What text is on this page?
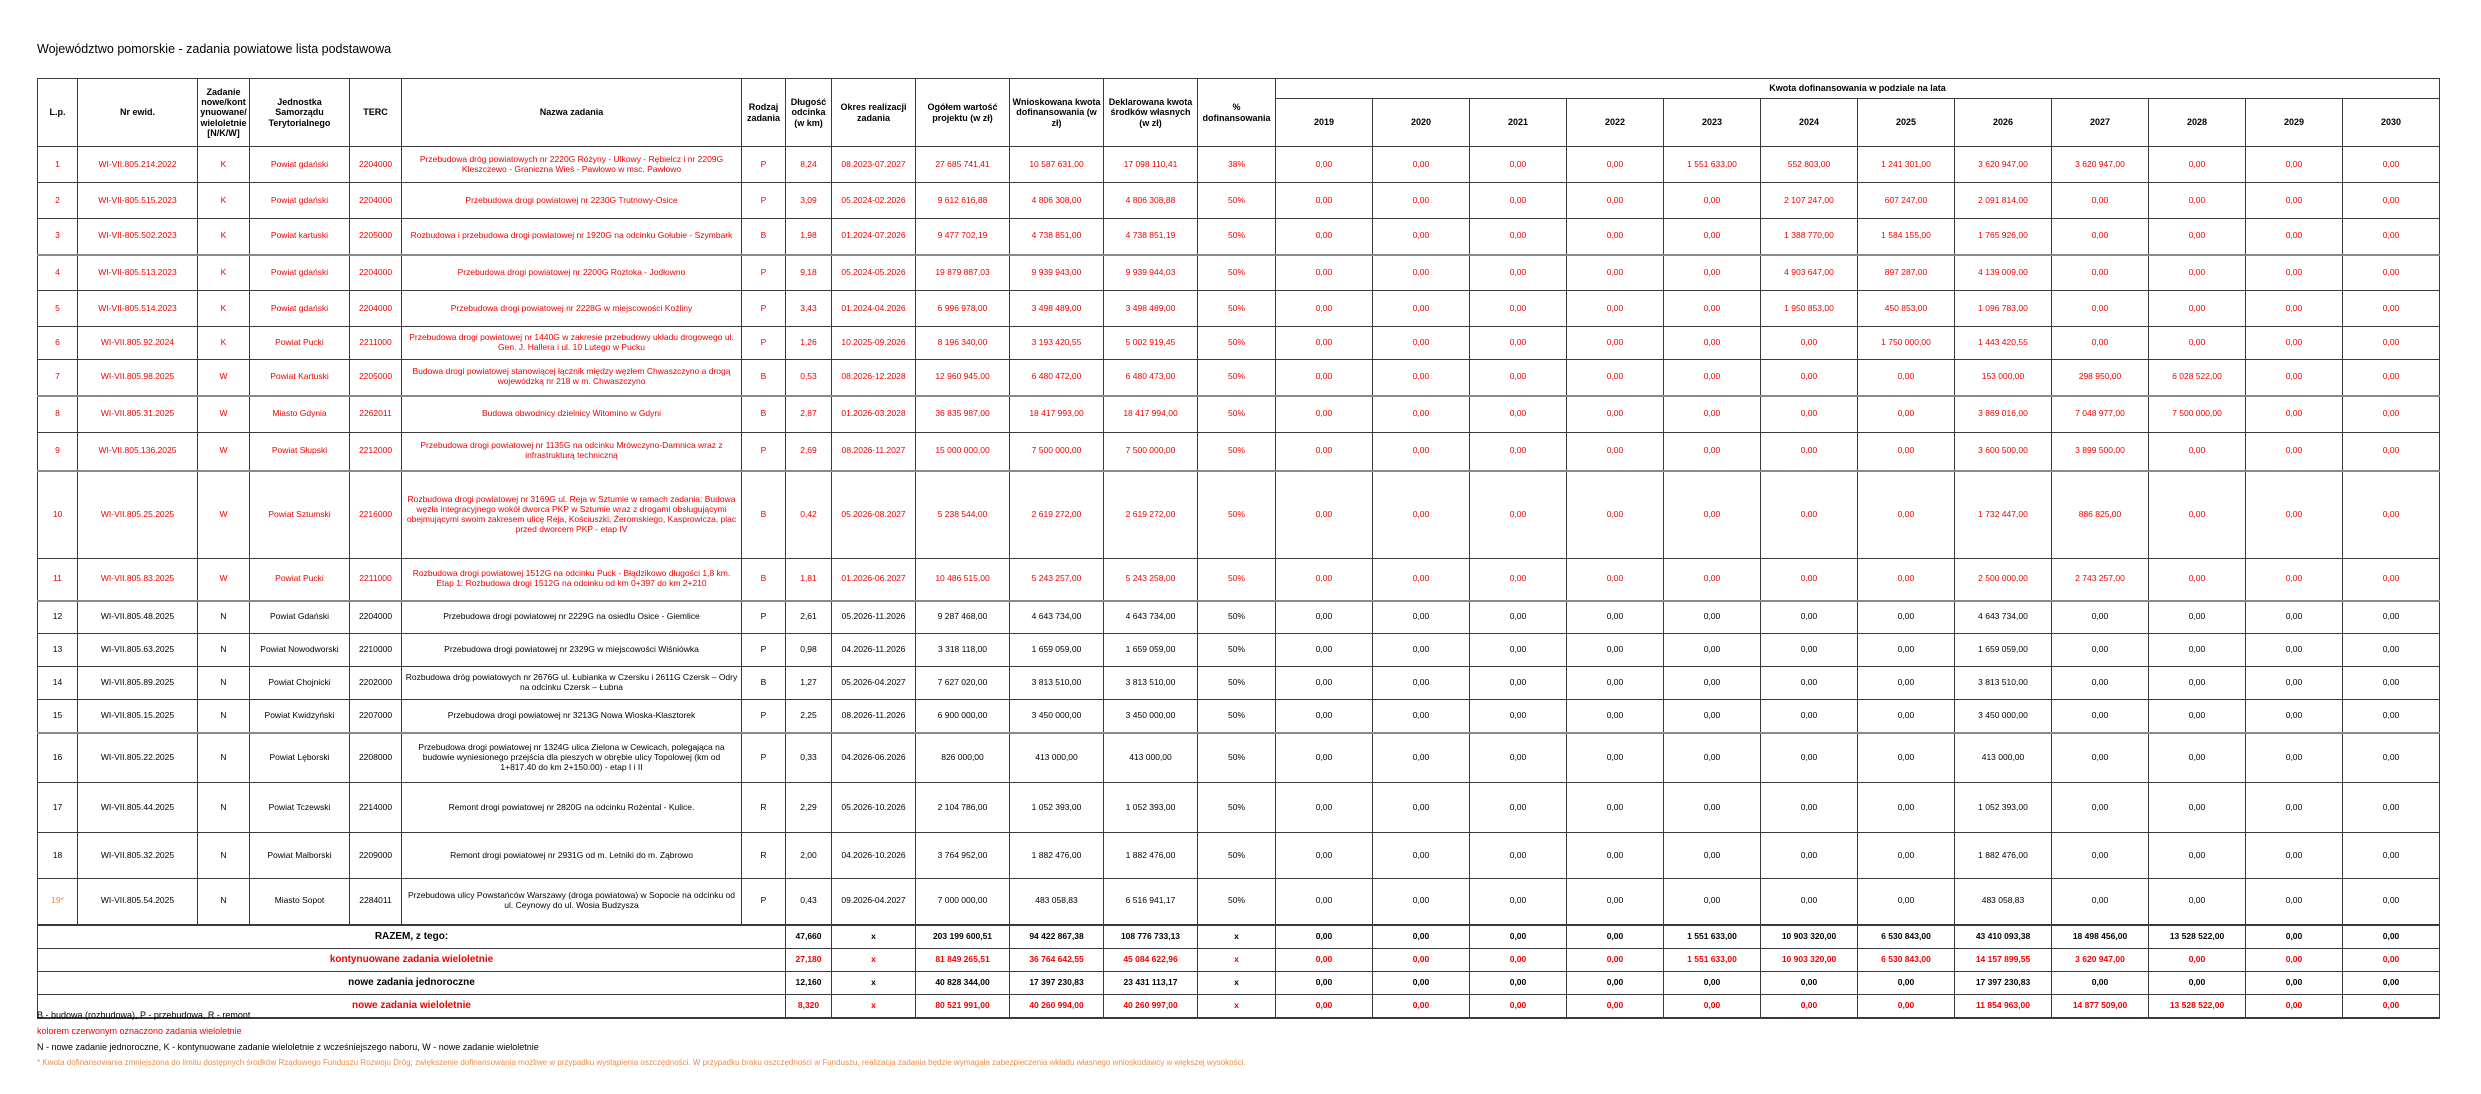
Województwo pomorskie - zadania powiatowe lista podstawowa
L.p.	Nr ewid.	Zadanie nowe/kontynuowane/wieloletnie [N/K/W]	Jednostka Samorządu Terytorialnego	TERC	Nazwa zadania	Rodzaj zadania	Długość odcinka (w km)	Okres realizacji zadania	Ogółem wartość projektu (w zł)	Wnioskowana kwota dofinansowania (w zł)	Deklarowana kwota środków własnych (w zł)	% dofinansowania	Kwota dofinansowania w podziale na lata											
													2019	2020	2021	2022	2023	2024	2025	2026	2027	2028	2029	2030
1	WI-VII.805.214.2022	K	Powiat gdański	2204000	Przebudowa dróg powiatowych nr 2220G Różyny - Ulkowy - Rębielcz i nr 2209G Kleszczewo - Graniczna Wieś - Pawłowo w msc. Pawłowo	P	8,24	08.2023-07.2027	27 685 741,41	10 587 631,00	17 098 110,41	38%	0,00	0,00	0,00	0,00	1 551 633,00	552 803,00	1 241 301,00	3 620 947,00	3 620 947,00	0,00	0,00	0,00
2	WI-VII-805.515.2023	K	Powiat gdański	2204000	Przebudowa drogi powiatowej nr 2230G Trutnowy-Osice	P	3,09	05.2024-02.2026	9 612 616,88	4 806 308,00	4 806 308,88	50%	0,00	0,00	0,00	0,00	0,00	2 107 247,00	607 247,00	2 091 814,00	0,00	0,00	0,00	0,00
3	WI-VII-805.502.2023	K	Powiat kartuski	2205000	Rozbudowa i przebudowa drogi powiatowej nr 1920G na odcinku Gołubie - Szymbark	B	1,98	01.2024-07.2026	9 477 702,19	4 738 851,00	4 738 851,19	50%	0,00	0,00	0,00	0,00	0,00	1 388 770,00	1 584 155,00	1 765 926,00	0,00	0,00	0,00	0,00
4	WI-VII-805.513.2023	K	Powiat gdański	2204000	Przebudowa drogi powiatowej nr 2200G Roztoka - Jodłowno	P	9,18	05.2024-05.2026	19 879 887,03	9 939 943,00	9 939 944,03	50%	0,00	0,00	0,00	0,00	0,00	4 903 647,00	897 287,00	4 139 009,00	0,00	0,00	0,00	0,00
5	WI-VII-805.514.2023	K	Powiat gdański	2204000	Przebudowa drogi powiatowej nr 2228G w miejscowości Koźliny	P	3,43	01.2024-04.2026	6 996 978,00	3 498 489,00	3 498 489,00	50%	0,00	0,00	0,00	0,00	0,00	1 950 853,00	450 853,00	1 096 783,00	0,00	0,00	0,00	0,00
6	WI-VII.805.92.2024	K	Powiat Pucki	2211000	Przebudowa drogi powiatowej nr 1440G w zakresie przebudowy układu drogowego ul. Gen. J. Hallera i ul. 10 Lutego w Pucku	P	1,26	10.2025-09.2026	8 196 340,00	3 193 420,55	5 002 919,45	50%	0,00	0,00	0,00	0,00	0,00	0,00	1 750 000,00	1 443 420,55	0,00	0,00	0,00	0,00
7	WI-VII.805.98.2025	W	Powiat Kartuski	2205000	Budowa drogi powiatowej stanowiącej łącznik między węzłem Chwaszczyno a drogą wojewódzką nr 218 w m. Chwaszczyno	B	0,53	08.2026-12.2028	12 960 945,00	6 480 472,00	6 480 473,00	50%	0,00	0,00	0,00	0,00	0,00	0,00	0,00	153 000,00	298 950,00	6 028 522,00	0,00	0,00
8	WI-VII.805.31.2025	W	Miasto Gdynia	2262011	Budowa obwodnicy dzielnicy Witomino w Gdyni	B	2,87	01.2026-03.2028	36 835 987,00	18 417 993,00	18 417 994,00	50%	0,00	0,00	0,00	0,00	0,00	0,00	0,00	3 869 016,00	7 048 977,00	7 500 000,00	0,00	0,00
9	WI-VII.805.136.2025	W	Powiat Słupski	2212000	Przebudowa drogi powiatowej nr 1135G na odcinku Mrówczyno-Damnica wraz z infrastrukturą techniczną	P	2,69	08.2026-11.2027	15 000 000,00	7 500 000,00	7 500 000,00	50%	0,00	0,00	0,00	0,00	0,00	0,00	0,00	3 600 500,00	3 899 500,00	0,00	0,00	0,00
10	WI-VII.805.25.2025	W	Powiat Sztumski	2216000	Rozbudowa drogi powiatowej nr 3169G ul. Reja w Sztumie w ramach zadania: Budowa węzła integracyjnego wokół dworca PKP w Sztumie wraz z drogami obsługującymi obejmującymi swoim zakresem ulicę Reja, Kościuszki, Żeromskiego, Kasprowicza, plac przed dworcem PKP - etap IV	B	0,42	05.2026-08.2027	5 238 544,00	2 619 272,00	2 619 272,00	50%	0,00	0,00	0,00	0,00	0,00	0,00	0,00	1 732 447,00	886 825,00	0,00	0,00	0,00
11	WI-VII.805.83.2025	W	Powiat Pucki	2211000	Rozbudowa drogi powiatowej 1512G na odcinku Puck - Błądzikowo długości 1,8 km. Etap 1: Rozbudowa drogi 1512G na odcinku od km 0+397 do km 2+210	B	1,81	01.2026-06.2027	10 486 515,00	5 243 257,00	5 243 258,00	50%	0,00	0,00	0,00	0,00	0,00	0,00	0,00	2 500 000,00	2 743 257,00	0,00	0,00	0,00
12	WI-VII.805.48.2025	N	Powiat Gdański	2204000	Przebudowa drogi powiatowej nr 2229G na osiedlu Osice - Giemlice	P	2,61	05.2026-11.2026	9 287 468,00	4 643 734,00	4 643 734,00	50%	0,00	0,00	0,00	0,00	0,00	0,00	0,00	4 643 734,00	0,00	0,00	0,00	0,00
13	WI-VII.805.63.2025	N	Powiat Nowodworski	2210000	Przebudowa drogi powiatowej nr 2329G w miejscowości Wiśniówka	P	0,98	04.2026-11.2026	3 318 118,00	1 659 059,00	1 659 059,00	50%	0,00	0,00	0,00	0,00	0,00	0,00	0,00	1 659 059,00	0,00	0,00	0,00	0,00
14	WI-VII.805.89.2025	N	Powiat Chojnicki	2202000	Rozbudowa dróg powiatowych nr 2676G ul. Łubianka w Czersku i 2611G Czersk – Odry na odcinku Czersk – Łubna	B	1,27	05.2026-04.2027	7 627 020,00	3 813 510,00	3 813 510,00	50%	0,00	0,00	0,00	0,00	0,00	0,00	0,00	3 813 510,00	0,00	0,00	0,00	0,00
15	WI-VII.805.15.2025	N	Powiat Kwidzyński	2207000	Przebudowa drogi powiatowej nr 3213G Nowa Wioska-Klasztorek	P	2,25	08.2026-11.2026	6 900 000,00	3 450 000,00	3 450 000,00	50%	0,00	0,00	0,00	0,00	0,00	0,00	0,00	3 450 000,00	0,00	0,00	0,00	0,00
16	WI-VII.805.22.2025	N	Powiat Lęborski	2208000	Przebudowa drogi powiatowej nr 1324G ulica Zielona w Cewicach, polegająca na budowie wyniesionego przejścia dla pieszych w obrębie ulicy Topolowej (km od 1+817.40 do km 2+150.00) - etap I i II	P	0,33	04.2026-06.2026	826 000,00	413 000,00	413 000,00	50%	0,00	0,00	0,00	0,00	0,00	0,00	0,00	413 000,00	0,00	0,00	0,00	0,00
17	WI-VII.805.44.2025	N	Powiat Tczewski	2214000	Remont drogi powiatowej nr 2820G na odcinku Rożental - Kulice.	R	2,29	05.2026-10.2026	2 104 786,00	1 052 393,00	1 052 393,00	50%	0,00	0,00	0,00	0,00	0,00	0,00	0,00	1 052 393,00	0,00	0,00	0,00	0,00
18	WI-VII.805.32.2025	N	Powiat Malborski	2209000	Remont drogi powiatowej nr 2931G od m. Letniki do m. Ząbrowo	R	2,00	04.2026-10.2026	3 764 952,00	1 882 476,00	1 882 476,00	50%	0,00	0,00	0,00	0,00	0,00	0,00	0,00	1 882 476,00	0,00	0,00	0,00	0,00
19*	WI-VII.805.54.2025	N	Miasto Sopot	2284011	Przebudowa ulicy Powstańców Warszawy (droga powiatowa) w Sopocie na odcinku od ul. Ceynowy do ul. Wosia Budzysza	P	0,43	09.2026-04.2027	7 000 000,00	483 058,83	6 516 941,17	50%	0,00	0,00	0,00	0,00	0,00	0,00	0,00	483 058,83	0,00	0,00	0,00	0,00
RAZEM, z tego:							47,660	x	203 199 600,51	94 422 867,38	108 776 733,13	x	0,00	0,00	0,00	0,00	1 551 633,00	10 903 320,00	6 530 843,00	43 410 093,38	18 498 456,00	13 528 522,00	0,00	0,00
kontynuowane zadania wieloletnie							27,180	x	81 849 265,51	36 764 642,55	45 084 622,96	x	0,00	0,00	0,00	0,00	1 551 633,00	10 903 320,00	6 530 843,00	14 157 899,55	3 620 947,00	0,00	0,00	0,00
nowe zadania jednoroczne							12,160	x	40 828 344,00	17 397 230,83	23 431 113,17	x	0,00	0,00	0,00	0,00	0,00	0,00	0,00	17 397 230,83	0,00	0,00	0,00	0,00
nowe zadania wieloletnie							8,320	x	80 521 991,00	40 260 994,00	40 260 997,00	x	0,00	0,00	0,00	0,00	0,00	0,00	0,00	11 854 963,00	14 877 509,00	13 528 522,00	0,00	0,00
B - budowa (rozbudowa), P - przebudowa, R - remont
kolorem czerwonym oznaczono zadania wieloletnie
N - nowe zadanie jednoroczne, K - kontynuowane zadanie wieloletnie z wcześniejszego naboru, W - nowe zadanie wieloletnie
* Kwota dofinansowania zmniejszona do limitu dostępnych środków Rządowego Funduszu Rozwoju Dróg; zwiększenie dofinansowania możliwe w przypadku wystąpienia oszczędności. W przypadku braku oszczędności w Funduszu, realizacja zadania będzie wymagała zabezpieczenia wkładu własnego wnioskodawcy w większej wysokości.
